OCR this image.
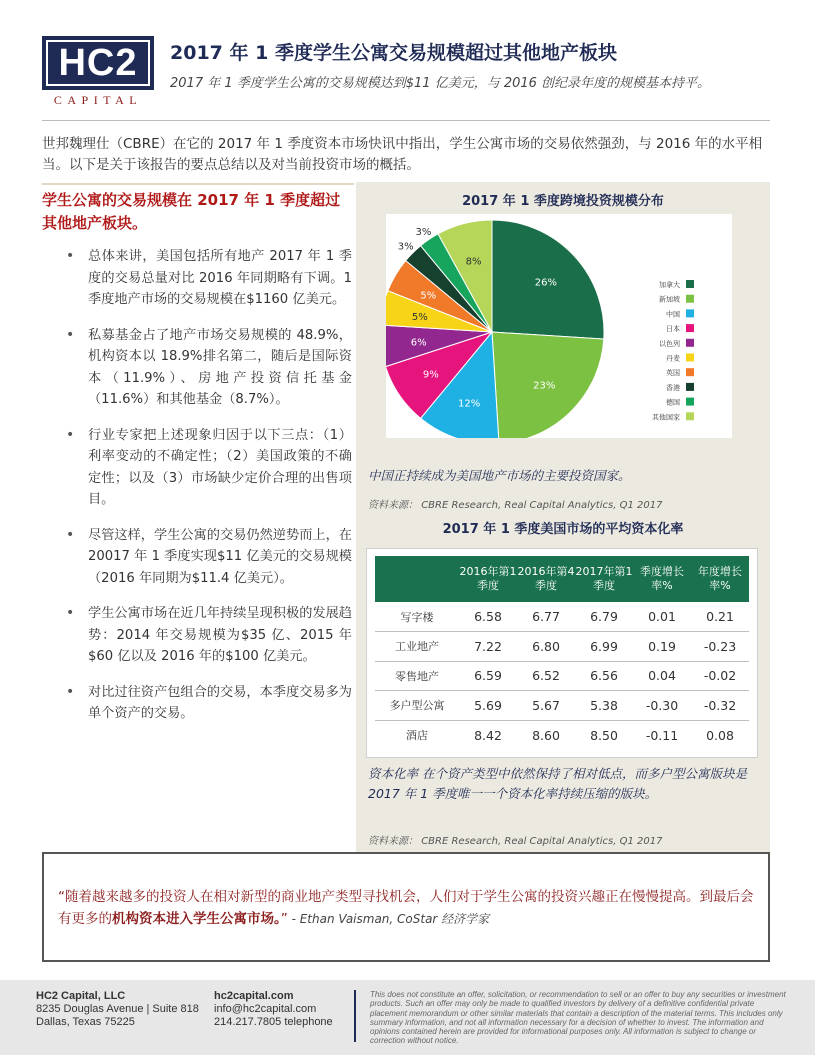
HC2
CAPITAL
2017 年 1 季度学生公寓交易规模超过其他地产板块
2017 年 1 季度学生公寓的交易规模达到$11 亿美元，与 2016 创纪录年度的规模基本持平。

世邦魏理仕（CBRE）在它的 2017 年 1 季度资本市场快讯中指出，学生公寓市场的交易依然强劲，与 2016 年的水平相当。以下是关于该报告的要点总结以及对当前投资市场的概括。

学生公寓的交易规模在 2017 年 1 季度超过其他地产板块。
• 总体来讲，美国包括所有地产 2017 年 1 季度的交易总量对比 2016 年同期略有下调。1 季度地产市场的交易规模在$1160 亿美元。
• 私募基金占了地产市场交易规模的 48.9%，机构资本以 18.9%排名第二，随后是国际资本（11.9%）、房地产投资信托基金（11.6%）和其他基金（8.7%）。
• 行业专家把上述现象归因于以下三点：（1）利率变动的不确定性；（2）美国政策的不确定性；以及（3）市场缺少定价合理的出售项目。
• 尽管这样，学生公寓的交易仍然逆势而上，在 20017 年 1 季度实现$11 亿美元的交易规模（2016 年同期为$11.4 亿美元）。
• 学生公寓市场在近几年持续呈现积极的发展趋势：2014 年交易规模为$35 亿、2015 年$60 亿以及 2016 年的$100 亿美元。
• 对比过往资产包组合的交易，本季度交易多为单个资产的交易。
2017 年 1 季度跨境投资规模分布
26%
23%
12%
9%
6%
5%
5%
3%
3%
8%
加拿大
新加坡
中国
日本
以色列
丹麦
英国
香港
德国
其他国家
中国正持续成为美国地产市场的主要投资国家。
资料来源： CBRE Research, Real Capital Analytics, Q1 2017
2017 年 1 季度美国市场的平均资本化率
	2016年第1季度	2016年第4季度	2017年第1季度	季度增长率%	年度增长率%
写字楼	6.58	6.77	6.79	0.01	0.21
工业地产	7.22	6.80	6.99	0.19	-0.23
零售地产	6.59	6.52	6.56	0.04	-0.02
多户型公寓	5.69	5.67	5.38	-0.30	-0.32
酒店	8.42	8.60	8.50	-0.11	0.08
资本化率 在个资产类型中依然保持了相对低点，而多户型公寓版块是 2017 年 1 季度唯一一个资本化率持续压缩的版块。
资料来源： CBRE Research, Real Capital Analytics, Q1 2017
“随着越来越多的投资人在相对新型的商业地产类型寻找机会，人们对于学生公寓的投资兴趣正在慢慢提高。到最后会有更多的机构资本进入学生公寓市场。” - Ethan Vaisman, CoStar 经济学家
HC2 Capital, LLC
8235 Douglas Avenue | Suite 818
Dallas, Texas 75225
hc2capital.com
info@hc2capital.com
214.217.7805 telephone
This does not constitute an offer, solicitation, or recommendation to sell or an offer to buy any securities or investment products. Such an offer may only be made to qualified investors by delivery of a definitive confidential private placement memorandum or other similar materials that contain a description of the material terms. This includes only summary information, and not all information necessary for a decision of whether to invest. The information and opinions contained herein are provided for informational purposes only. All information is subject to change or correction without notice.
